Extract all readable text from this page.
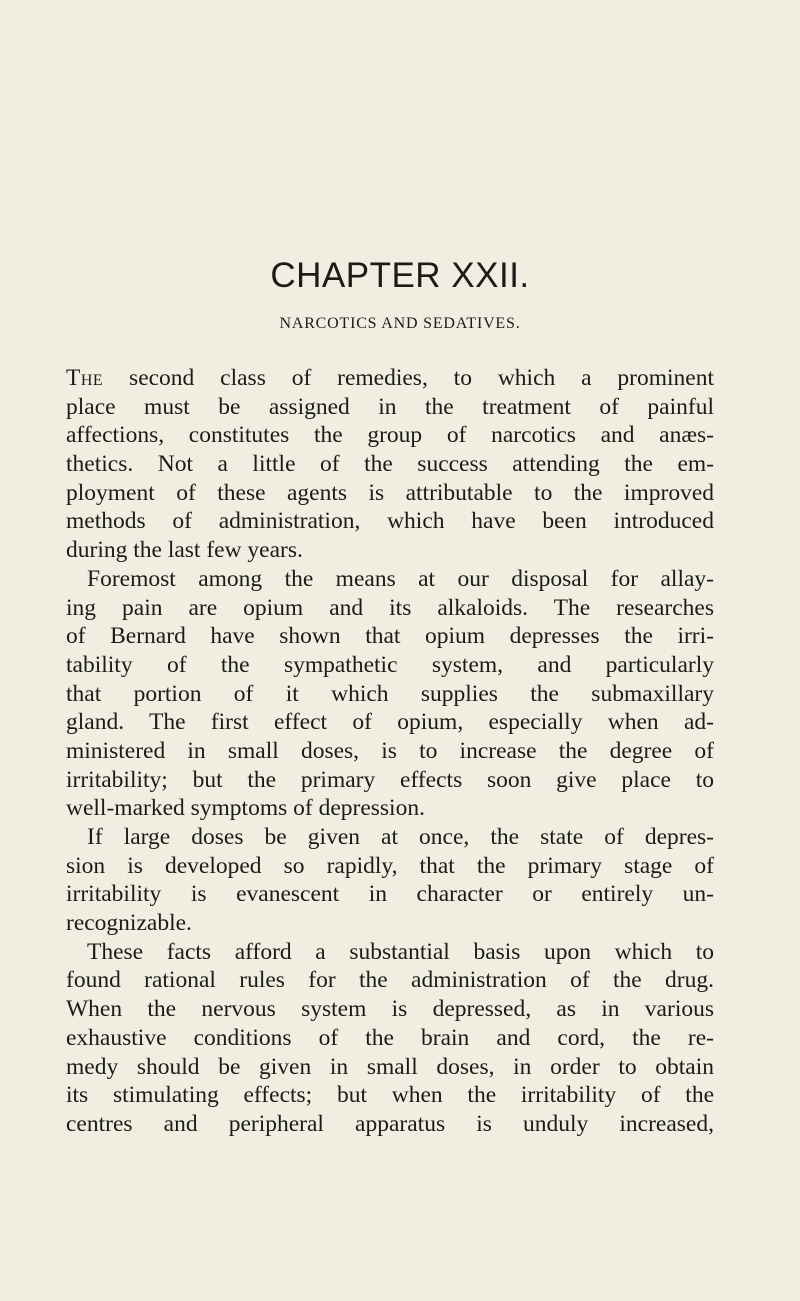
CHAPTER XXII.
NARCOTICS AND SEDATIVES.
The second class of remedies, to which a prominent
place must be assigned in the treatment of painful
affections, constitutes the group of narcotics and anæs-
thetics. Not a little of the success attending the em-
ployment of these agents is attributable to the improved
methods of administration, which have been introduced
during the last few years.
Foremost among the means at our disposal for allay-
ing pain are opium and its alkaloids. The researches
of Bernard have shown that opium depresses the irri-
tability of the sympathetic system, and particularly
that portion of it which supplies the submaxillary
gland. The first effect of opium, especially when ad-
ministered in small doses, is to increase the degree of
irritability; but the primary effects soon give place to
well-marked symptoms of depression.
If large doses be given at once, the state of depres-
sion is developed so rapidly, that the primary stage of
irritability is evanescent in character or entirely un-
recognizable.
These facts afford a substantial basis upon which to
found rational rules for the administration of the drug.
When the nervous system is depressed, as in various
exhaustive conditions of the brain and cord, the re-
medy should be given in small doses, in order to obtain
its stimulating effects; but when the irritability of the
centres and peripheral apparatus is unduly increased,
